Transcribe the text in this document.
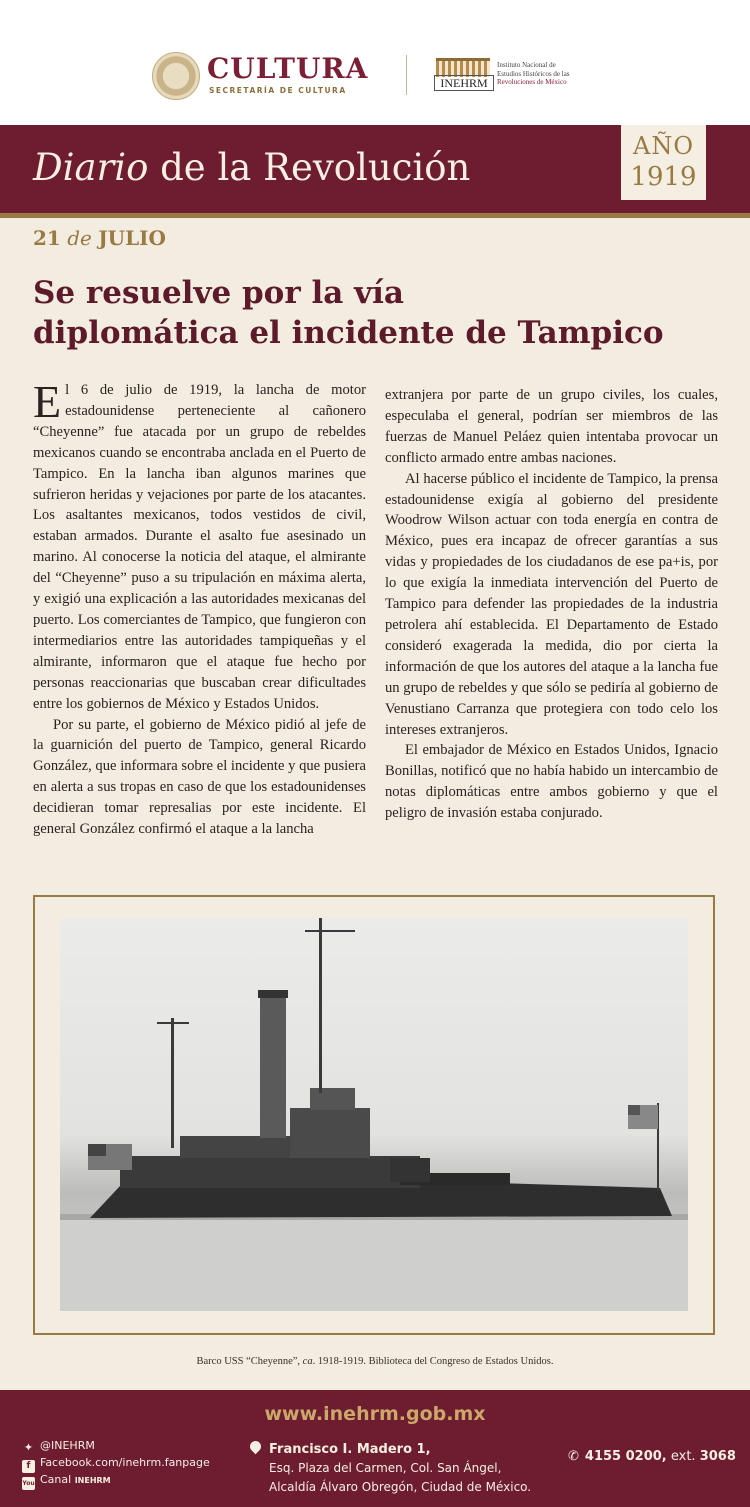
CULTURA
SECRETARÍA DE CULTURA
INEHRM
Instituto Nacional de
Estudios Históricos de las
Revoluciones de México
Diario de la Revolución	AÑO
1919
21 de JULIO
Se resuelve por la vía
diplomática el incidente de Tampico

El 6 de julio de 1919, la lancha de motor estadounidense perteneciente al cañonero “Cheyenne” fue atacada por un grupo de rebeldes mexicanos cuando se encontraba anclada en el Puerto de Tampico. En la lancha iban algunos marines que sufrieron heridas y vejaciones por parte de los atacantes. Los asaltantes mexicanos, todos vestidos de civil, estaban armados. Durante el asalto fue asesinado un marino. Al conocerse la noticia del ataque, el almirante del “Cheyenne” puso a su tripulación en máxima alerta, y exigió una explicación a las autoridades mexicanas del puerto. Los comerciantes de Tampico, que fungieron con intermediarios entre las autoridades tampiqueñas y el almirante, informaron que el ataque fue hecho por personas reaccionarias que buscaban crear dificultades entre los gobiernos de México y Estados Unidos.

Por su parte, el gobierno de México pidió al jefe de la guarnición del puerto de Tampico, general Ricardo González, que informara sobre el incidente y que pusiera en alerta a sus tropas en caso de que los estadounidenses decidieran tomar represalias por este incidente. El general González confirmó el ataque a la lancha

extranjera por parte de un grupo civiles, los cuales, especulaba el general, podrían ser miembros de las fuerzas de Manuel Peláez quien intentaba provocar un conflicto armado entre ambas naciones.

Al hacerse público el incidente de Tampico, la prensa estadounidense exigía al gobierno del presidente Woodrow Wilson actuar con toda energía en contra de México, pues era incapaz de ofrecer garantías a sus vidas y propiedades de los ciudadanos de ese pa+is, por lo que exigía la inmediata intervención del Puerto de Tampico para defender las propiedades de la industria petrolera ahí establecida. El Departamento de Estado consideró exagerada la medida, dio por cierta la información de que los autores del ataque a la lancha fue un grupo de rebeldes y que sólo se pediría al gobierno de Venustiano Carranza que protegiera con todo celo los intereses extranjeros.

El embajador de México en Estados Unidos, Ignacio Bonillas, notificó que no había habido un intercambio de notas diplomáticas entre ambos gobierno y que el peligro de invasión estaba conjurado.

Barco USS “Cheyenne”, ca. 1918-1919. Biblioteca del Congreso de Estados Unidos.
www.inehrm.gob.mx
✦ @INEHRM
f Facebook.com/inehrm.fanpage
You Canal INEHRM
Francisco I. Madero 1,
Esq. Plaza del Carmen, Col. San Ángel,
Alcaldía Álvaro Obregón, Ciudad de México.
✆ 4155 0200, ext. 3068
